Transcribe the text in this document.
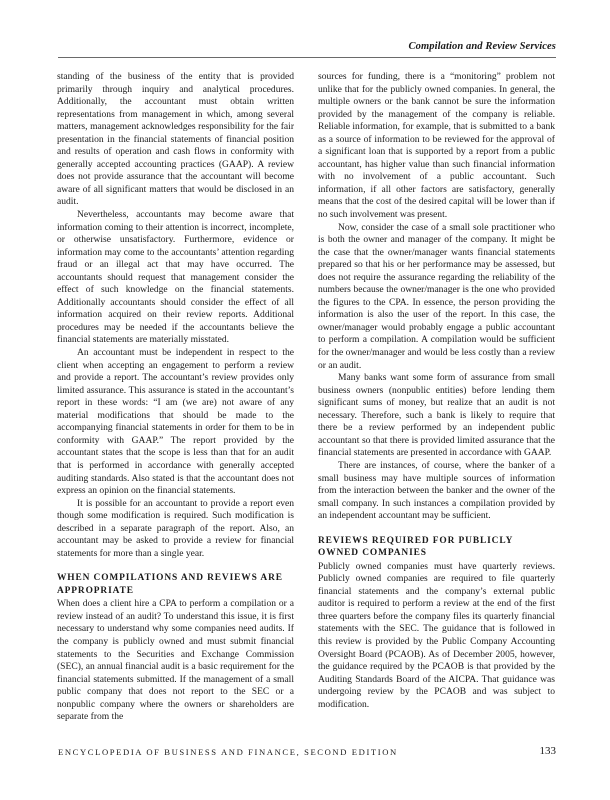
Compilation and Review Services

standing of the business of the entity that is provided primarily through inquiry and analytical procedures. Additionally, the accountant must obtain written representations from management in which, among several matters, management acknowledges responsibility for the fair presentation in the financial statements of financial position and results of operation and cash flows in conformity with generally accepted accounting practices (GAAP). A review does not provide assurance that the accountant will become aware of all significant matters that would be disclosed in an audit.

Nevertheless, accountants may become aware that information coming to their attention is incorrect, incomplete, or otherwise unsatisfactory. Furthermore, evidence or information may come to the accountants’ attention regarding fraud or an illegal act that may have occurred. The accountants should request that management consider the effect of such knowledge on the financial statements. Additionally accountants should consider the effect of all information acquired on their review reports. Additional procedures may be needed if the accountants believe the financial statements are materially misstated.

An accountant must be independent in respect to the client when accepting an engagement to perform a review and provide a report. The accountant’s review provides only limited assurance. This assurance is stated in the accountant’s report in these words: “I am (we are) not aware of any material modifications that should be made to the accompanying financial statements in order for them to be in conformity with GAAP.” The report provided by the accountant states that the scope is less than that for an audit that is performed in accordance with generally accepted auditing standards. Also stated is that the accountant does not express an opinion on the financial statements.

It is possible for an accountant to provide a report even though some modification is required. Such modification is described in a separate paragraph of the report. Also, an accountant may be asked to provide a review for financial statements for more than a single year.

WHEN COMPILATIONS AND REVIEWS ARE APPROPRIATE

When does a client hire a CPA to perform a compilation or a review instead of an audit? To understand this issue, it is first necessary to understand why some companies need audits. If the company is publicly owned and must submit financial statements to the Securities and Exchange Commission (SEC), an annual financial audit is a basic requirement for the financial statements submitted. If the management of a small public company that does not report to the SEC or a nonpublic company where the owners or shareholders are separate from the

sources for funding, there is a “monitoring” problem not unlike that for the publicly owned companies. In general, the multiple owners or the bank cannot be sure the information provided by the management of the company is reliable. Reliable information, for example, that is submitted to a bank as a source of information to be reviewed for the approval of a significant loan that is supported by a report from a public accountant, has higher value than such financial information with no involvement of a public accountant. Such information, if all other factors are satisfactory, generally means that the cost of the desired capital will be lower than if no such involvement was present.

Now, consider the case of a small sole practitioner who is both the owner and manager of the company. It might be the case that the owner/manager wants financial statements prepared so that his or her performance may be assessed, but does not require the assurance regarding the reliability of the numbers because the owner/manager is the one who provided the figures to the CPA. In essence, the person providing the information is also the user of the report. In this case, the owner/manager would probably engage a public accountant to perform a compilation. A compilation would be sufficient for the owner/manager and would be less costly than a review or an audit.

Many banks want some form of assurance from small business owners (nonpublic entities) before lending them significant sums of money, but realize that an audit is not necessary. Therefore, such a bank is likely to require that there be a review performed by an independent public accountant so that there is provided limited assurance that the financial statements are presented in accordance with GAAP.

There are instances, of course, where the banker of a small business may have multiple sources of information from the interaction between the banker and the owner of the small company. In such instances a compilation provided by an independent accountant may be sufficient.

REVIEWS REQUIRED FOR PUBLICLY OWNED COMPANIES

Publicly owned companies must have quarterly reviews. Publicly owned companies are required to file quarterly financial statements and the company’s external public auditor is required to perform a review at the end of the first three quarters before the company files its quarterly financial statements with the SEC. The guidance that is followed in this review is provided by the Public Company Accounting Oversight Board (PCAOB). As of December 2005, however, the guidance required by the PCAOB is that provided by the Auditing Standards Board of the AICPA. That guidance was undergoing review by the PCAOB and was subject to modification.

ENCYCLOPEDIA OF BUSINESS AND FINANCE, SECOND EDITION	133
